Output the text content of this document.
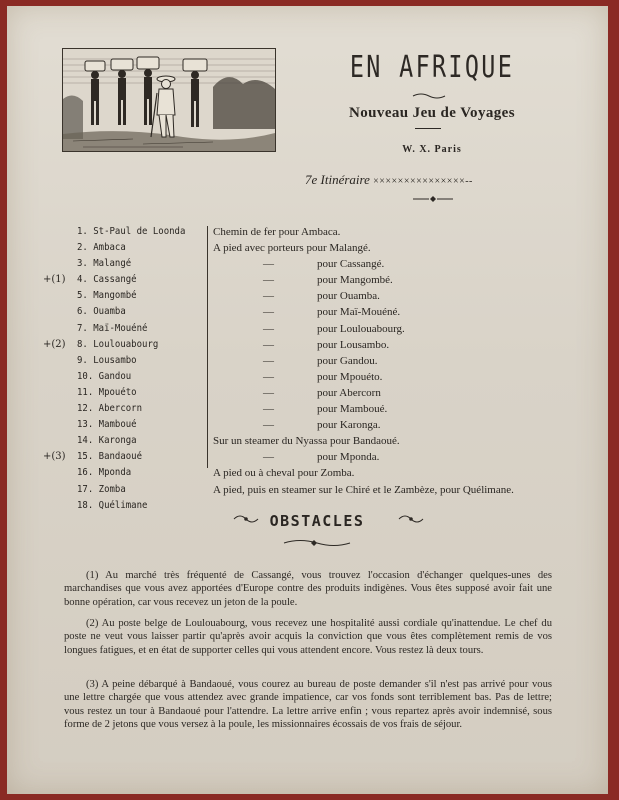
EN AFRIQUE
Nouveau Jeu de Voyages
W. X. Paris
7e Itinéraire ×××××××××××××××--
1. St-Paul de Loonda	Chemin de fer pour Ambaca.
2. Ambaca	A pied avec porteurs pour Malangé.
3. Malangé	—	pour Cassangé.
+(1) 4. Cassangé	—	pour Mangombé.
5. Mangombé	—	pour Ouamba.
6. Ouamba	—	pour Maï-Mouéné.
7. Maï-Mouéné	—	pour Loulouabourg.
+(2) 8. Loulouabourg	—	pour Lousambo.
9. Lousambo	—	pour Gandou.
10. Gandou	—	pour Mpouéto.
11. Mpouéto	—	pour Abercorn
12. Abercorn	—	pour Mamboué.
13. Mamboué	—	pour Karonga.
14. Karonga	Sur un steamer du Nyassa pour Bandaoué.
+(3) 15. Bandaoué	—	pour Mponda.
16. Mponda	A pied ou à cheval pour Zomba.
17. Zomba	A pied, puis en steamer sur le Chiré et le Zambèze, pour Quélimane.
18. Quélimane
OBSTACLES
(1) Au marché très fréquenté de Cassangé, vous trouvez l'occasion d'échanger quelques-unes des marchandises que vous avez apportées d'Europe contre des produits indigènes. Vous êtes supposé avoir fait une bonne opération, car vous recevez un jeton de la poule.
(2) Au poste belge de Loulouabourg, vous recevez une hospitalité aussi cordiale qu'inattendue. Le chef du poste ne veut vous laisser partir qu'après avoir acquis la conviction que vous êtes complètement remis de vos longues fatigues, et en état de supporter celles qui vous attendent encore. Vous restez là deux tours.
(3) A peine débarqué à Bandaoué, vous courez au bureau de poste demander s'il n'est pas arrivé pour vous une lettre chargée que vous attendez avec grande impatience, car vos fonds sont terriblement bas. Pas de lettre; vous restez un tour à Bandaoué pour l'attendre. La lettre arrive enfin ; vous repartez après avoir indemnisé, sous forme de 2 jetons que vous versez à la poule, les missionnaires écossais de vos frais de séjour.
